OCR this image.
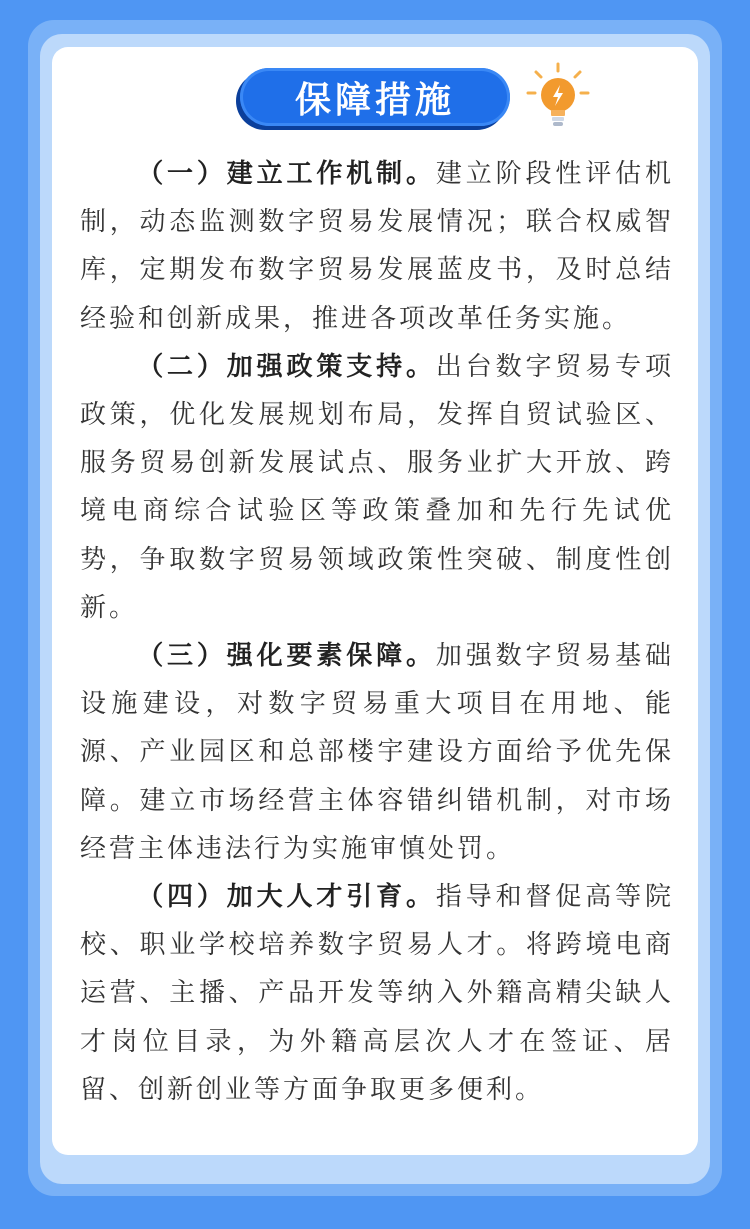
保障措施

（一）建立工作机制。建立阶段性评估机制，动态监测数字贸易发展情况；联合权威智库，定期发布数字贸易发展蓝皮书，及时总结经验和创新成果，推进各项改革任务实施。

（二）加强政策支持。出台数字贸易专项政策，优化发展规划布局，发挥自贸试验区、服务贸易创新发展试点、服务业扩大开放、跨境电商综合试验区等政策叠加和先行先试优势，争取数字贸易领域政策性突破、制度性创新。

（三）强化要素保障。加强数字贸易基础设施建设，对数字贸易重大项目在用地、能源、产业园区和总部楼宇建设方面给予优先保障。建立市场经营主体容错纠错机制，对市场经营主体违法行为实施审慎处罚。

（四）加大人才引育。指导和督促高等院校、职业学校培养数字贸易人才。将跨境电商运营、主播、产品开发等纳入外籍高精尖缺人才岗位目录，为外籍高层次人才在签证、居留、创新创业等方面争取更多便利。
